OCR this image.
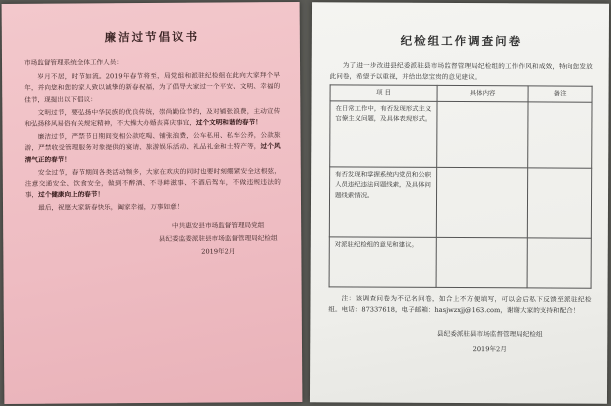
廉洁过节倡议书

市场监督管理系统全体工作人员：

岁月不居，时节如流。2019年春节将至，局党组和派驻纪检组在此向大家拜个早年，并向您和您的家人致以诚挚的新春祝福，为了倡导大家过一个平安、文明、幸福的佳节，现提出以下倡议：

文明过节，要弘扬中华民族的优良传统，崇尚勤俭节约，及对铺张浪费，主动宣传和弘扬移风易俗有关规定精神，不大操大办婚丧喜庆事宜，过个文明和谐的春节！

廉洁过节，严禁节日期间变相公款吃喝、铺张浪费，公车私用、私车公养，公款旅游，严禁收受管理服务对象提供的宴请、旅游娱乐活动、礼品礼金和土特产等，过个风清气正的春节！

安全过节，春节期间各类活动频多，大家在欢庆的同时也要时刻绷紧安全这根弦，注意交通安全、饮食安全，做到不醉酒、不寻衅滋事、不酒后驾车，不做违规违法的事，过个健康向上的春节！

最后，祝愿大家新春快乐，阖家幸福，万事如意！

中共惠安县市场监督管理局党组
县纪委监委派驻县市场监督管理局纪检组
2019年2月
纪检组工作调查问卷

为了进一步改进县纪委派驻县市场监督管理局纪检组的工作作风和成效，特向您发放此问卷，希望予以重视，并给出您宝贵的意见建议。

项 目	具体内容	备注
在日常工作中，有否发现形式主义官僚主义问题，及具体表现形式。		
有否发现和掌握系统内党员和公职人员违纪违法问题线索，及具体问题线索情况。		
对派驻纪检组的意见和建议。		

注：该调查问卷为不记名问卷，如合上不方便填写，可以会后私下反馈至派驻纪检组。电话：87337618，电子邮箱：hasjwzxjj@163.com，谢谢大家的支持和配合！

县纪委派驻县市场监督管理局纪检组
2019年2月
